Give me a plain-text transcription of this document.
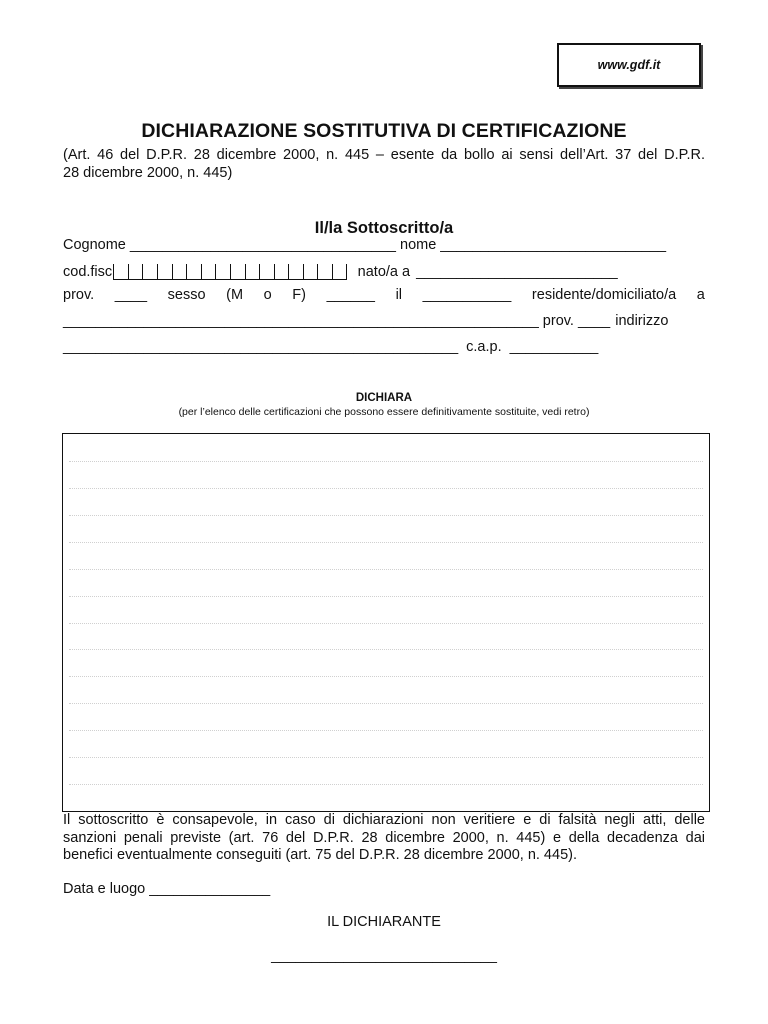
www.gdf.it
DICHIARAZIONE SOSTITUTIVA DI CERTIFICAZIONE
(Art. 46 del D.P.R. 28 dicembre 2000, n. 445 – esente da bollo ai sensi dell’Art. 37 del D.P.R.
28 dicembre 2000, n. 445)
Il/la Sottoscritto/a
Cognome _________________________________ nome ____________________________
cod.fisc	nato/a a _________________________
prov. ____ sesso (M o F) ______ il ___________ residente/domiciliato/a a
___________________________________________________________ prov. ____ indirizzo
_________________________________________________ c.a.p. ___________
DICHIARA
(per l’elenco delle certificazioni che possono essere definitivamente sostituite, vedi retro)
Il sottoscritto è consapevole, in caso di dichiarazioni non veritiere e di falsità negli atti, delle
sanzioni penali previste (art. 76 del D.P.R. 28 dicembre 2000, n. 445) e della decadenza dai
benefici eventualmente conseguiti (art. 75 del D.P.R. 28 dicembre 2000, n. 445).
Data e luogo _______________
IL DICHIARANTE
____________________________
